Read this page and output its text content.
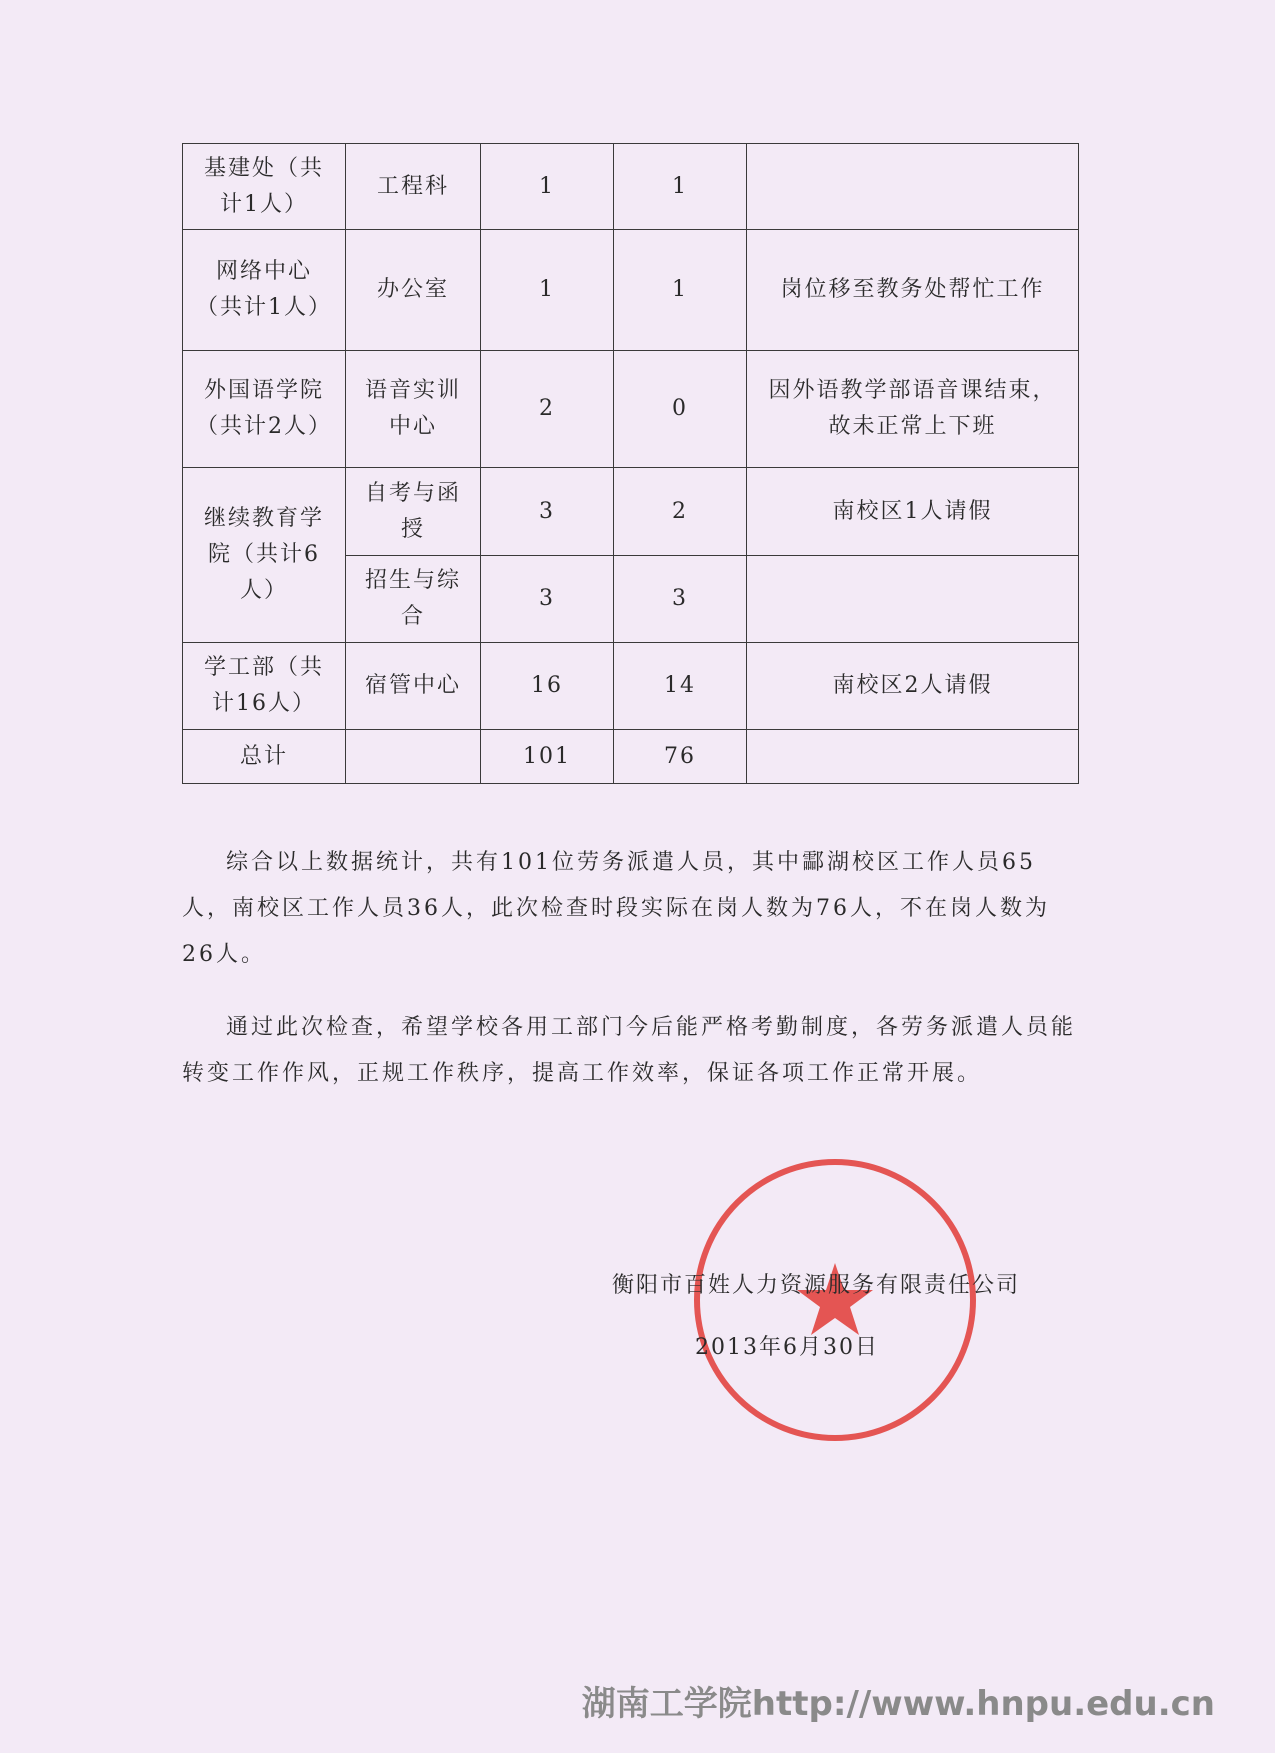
基建处（共计1人）	工程科	1	1	
网络中心（共计1人）	办公室	1	1	岗位移至教务处帮忙工作
外国语学院（共计2人）	语音实训中心	2	0	因外语教学部语音课结束，故未正常上下班
继续教育学院（共计6人）	自考与函授	3	2	南校区1人请假
	招生与综合	3	3	
学工部（共计16人）	宿管中心	16	14	南校区2人请假
总计		101	76	

综合以上数据统计，共有101位劳务派遣人员，其中酃湖校区工作人员65人，南校区工作人员36人，此次检查时段实际在岗人数为76人，不在岗人数为26人。

通过此次检查，希望学校各用工部门今后能严格考勤制度，各劳务派遣人员能转变工作作风，正规工作秩序，提高工作效率，保证各项工作正常开展。

衡阳市百姓人力资源服务有限责任公司
2013年6月30日
湖南工学院http://www.hnpu.edu.cn
